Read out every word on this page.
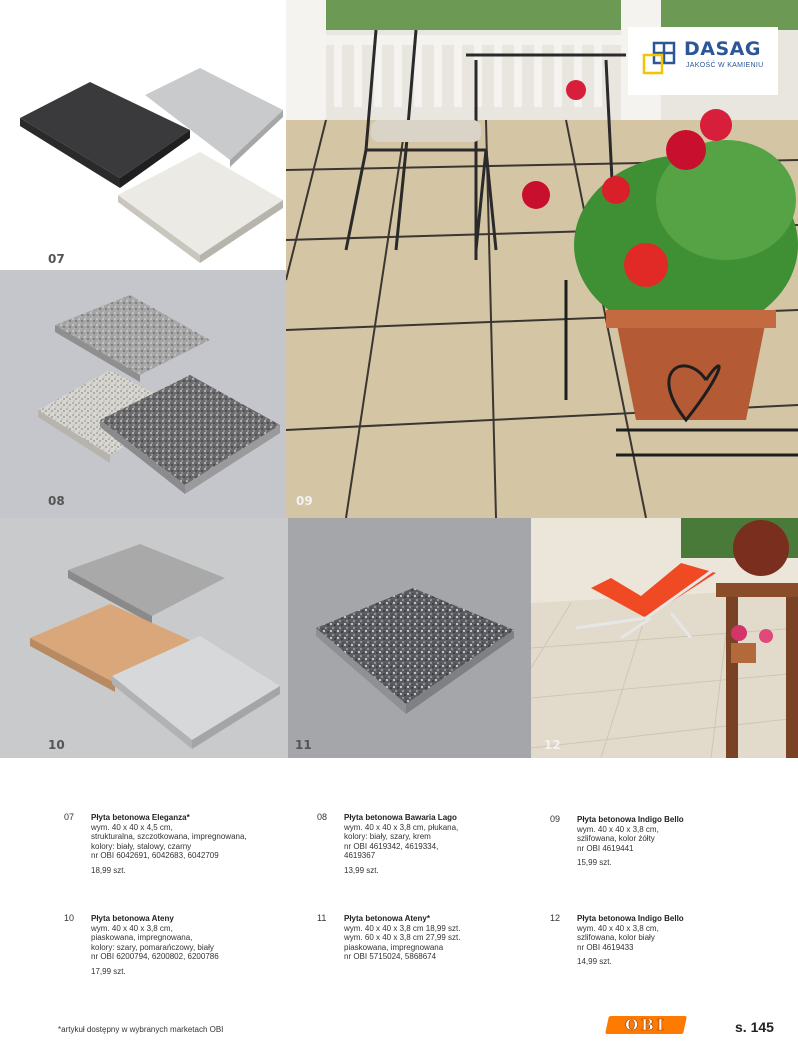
07
08	09
DASAG
JAKOŚĆ W KAMIENIU
10	11	12
07 Płyta betonowa Eleganza*
wym. 40 x 40 x 4,5 cm,
strukturalna, szczotkowana, impregnowana,
kolory: biały, stalowy, czarny
nr OBI 6042691, 6042683, 6042709
18,99 szt.
08 Płyta betonowa Bawaria Lago
wym. 40 x 40 x 3,8 cm, płukana,
kolory: biały, szary, krem
nr OBI 4619342, 4619334,
4619367
13,99 szt.
09 Płyta betonowa Indigo Bello
wym. 40 x 40 x 3,8 cm,
szlifowana, kolor żółty
nr OBI 4619441
15,99 szt.
10 Płyta betonowa Ateny
wym. 40 x 40 x 3,8 cm,
piaskowana, impregnowana,
kolory: szary, pomarańczowy, biały
nr OBI 6200794, 6200802, 6200786
17,99 szt.
11 Płyta betonowa Ateny*
wym. 40 x 40 x 3,8 cm 18,99 szt.
wym. 60 x 40 x 3,8 cm 27,99 szt.
piaskowana, impregnowana
nr OBI 5715024, 5868674
12 Płyta betonowa Indigo Bello
wym. 40 x 40 x 3,8 cm,
szlifowana, kolor biały
nr OBI 4619433
14,99 szt.
*artykuł dostępny w wybranych marketach OBI	OBI	s. 145
